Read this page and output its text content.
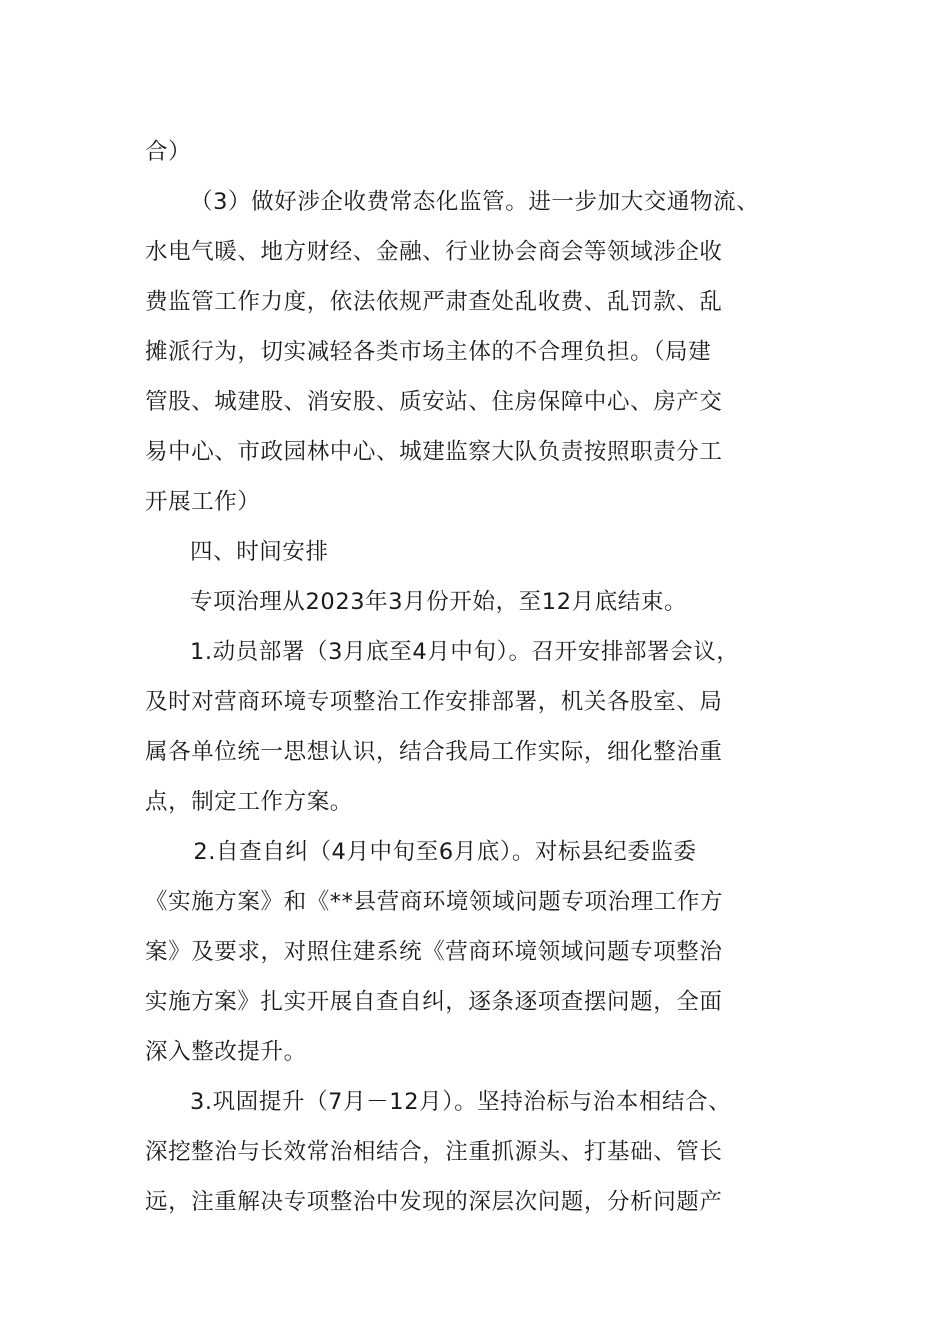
合）

（3）做好涉企收费常态化监管。进一步加大交通物流、
水电气暖、地方财经、金融、行业协会商会等领域涉企收
费监管工作力度，依法依规严肃查处乱收费、乱罚款、乱
摊派行为，切实减轻各类市场主体的不合理负担。（局建
管股、城建股、消安股、质安站、住房保障中心、房产交
易中心、市政园林中心、城建监察大队负责按照职责分工
开展工作）

四、时间安排

专项治理从2023年3月份开始，至12月底结束。

1.动员部署（3月底至4月中旬）。召开安排部署会议，
及时对营商环境专项整治工作安排部署，机关各股室、局
属各单位统一思想认识，结合我局工作实际，细化整治重
点，制定工作方案。

2.自查自纠（4月中旬至6月底）。对标县纪委监委
《实施方案》和《**县营商环境领域问题专项治理工作方
案》及要求，对照住建系统《营商环境领域问题专项整治
实施方案》扎实开展自查自纠，逐条逐项查摆问题，全面
深入整改提升。

3.巩固提升（7月－12月）。坚持治标与治本相结合、
深挖整治与长效常治相结合，注重抓源头、打基础、管长
远，注重解决专项整治中发现的深层次问题，分析问题产
